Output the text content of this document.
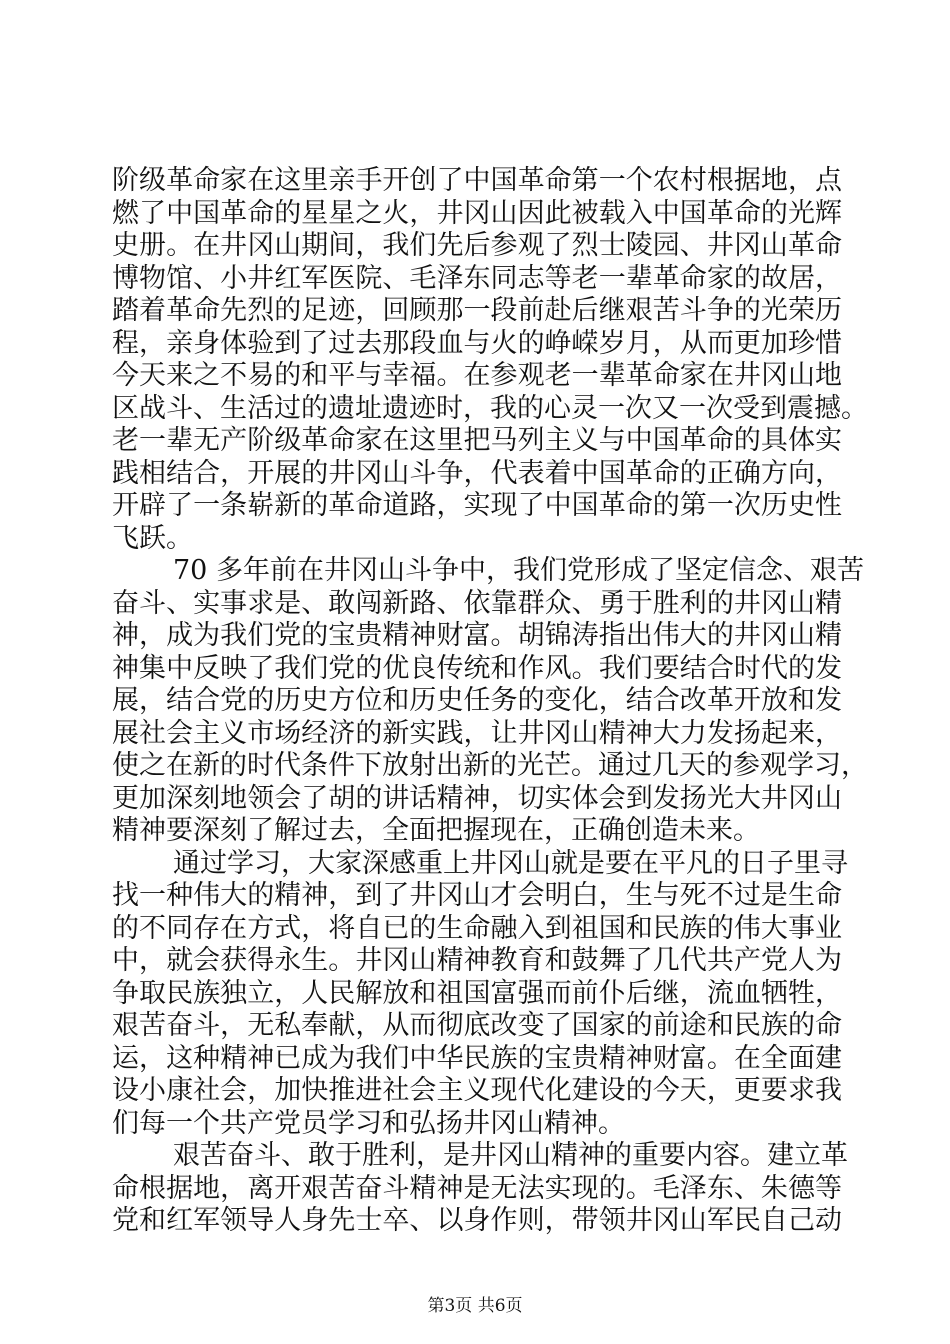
阶级革命家在这里亲手开创了中国革命第一个农村根据地，点
燃了中国革命的星星之火，井冈山因此被载入中国革命的光辉
史册。在井冈山期间，我们先后参观了烈士陵园、井冈山革命
博物馆、小井红军医院、毛泽东同志等老一辈革命家的故居，
踏着革命先烈的足迹，回顾那一段前赴后继艰苦斗争的光荣历
程，亲身体验到了过去那段血与火的峥嵘岁月，从而更加珍惜
今天来之不易的和平与幸福。在参观老一辈革命家在井冈山地
区战斗、生活过的遗址遗迹时，我的心灵一次又一次受到震撼。
老一辈无产阶级革命家在这里把马列主义与中国革命的具体实
践相结合，开展的井冈山斗争，代表着中国革命的正确方向，
开辟了一条崭新的革命道路，实现了中国革命的第一次历史性
飞跃。
70 多年前在井冈山斗争中，我们党形成了坚定信念、艰苦
奋斗、实事求是、敢闯新路、依靠群众、勇于胜利的井冈山精
神，成为我们党的宝贵精神财富。胡锦涛指出伟大的井冈山精
神集中反映了我们党的优良传统和作风。我们要结合时代的发
展，结合党的历史方位和历史任务的变化，结合改革开放和发
展社会主义市场经济的新实践，让井冈山精神大力发扬起来，
使之在新的时代条件下放射出新的光芒。通过几天的参观学习，
更加深刻地领会了胡的讲话精神，切实体会到发扬光大井冈山
精神要深刻了解过去，全面把握现在，正确创造未来。
通过学习，大家深感重上井冈山就是要在平凡的日子里寻
找一种伟大的精神，到了井冈山才会明白，生与死不过是生命
的不同存在方式，将自已的生命融入到祖国和民族的伟大事业
中，就会获得永生。井冈山精神教育和鼓舞了几代共产党人为
争取民族独立，人民解放和祖国富强而前仆后继，流血牺牲，
艰苦奋斗，无私奉献，从而彻底改变了国家的前途和民族的命
运，这种精神已成为我们中华民族的宝贵精神财富。在全面建
设小康社会，加快推进社会主义现代化建设的今天，更要求我
们每一个共产党员学习和弘扬井冈山精神。
艰苦奋斗、敢于胜利，是井冈山精神的重要内容。建立革
命根据地，离开艰苦奋斗精神是无法实现的。毛泽东、朱德等
党和红军领导人身先士卒、以身作则，带领井冈山军民自己动
第3页 共6页
